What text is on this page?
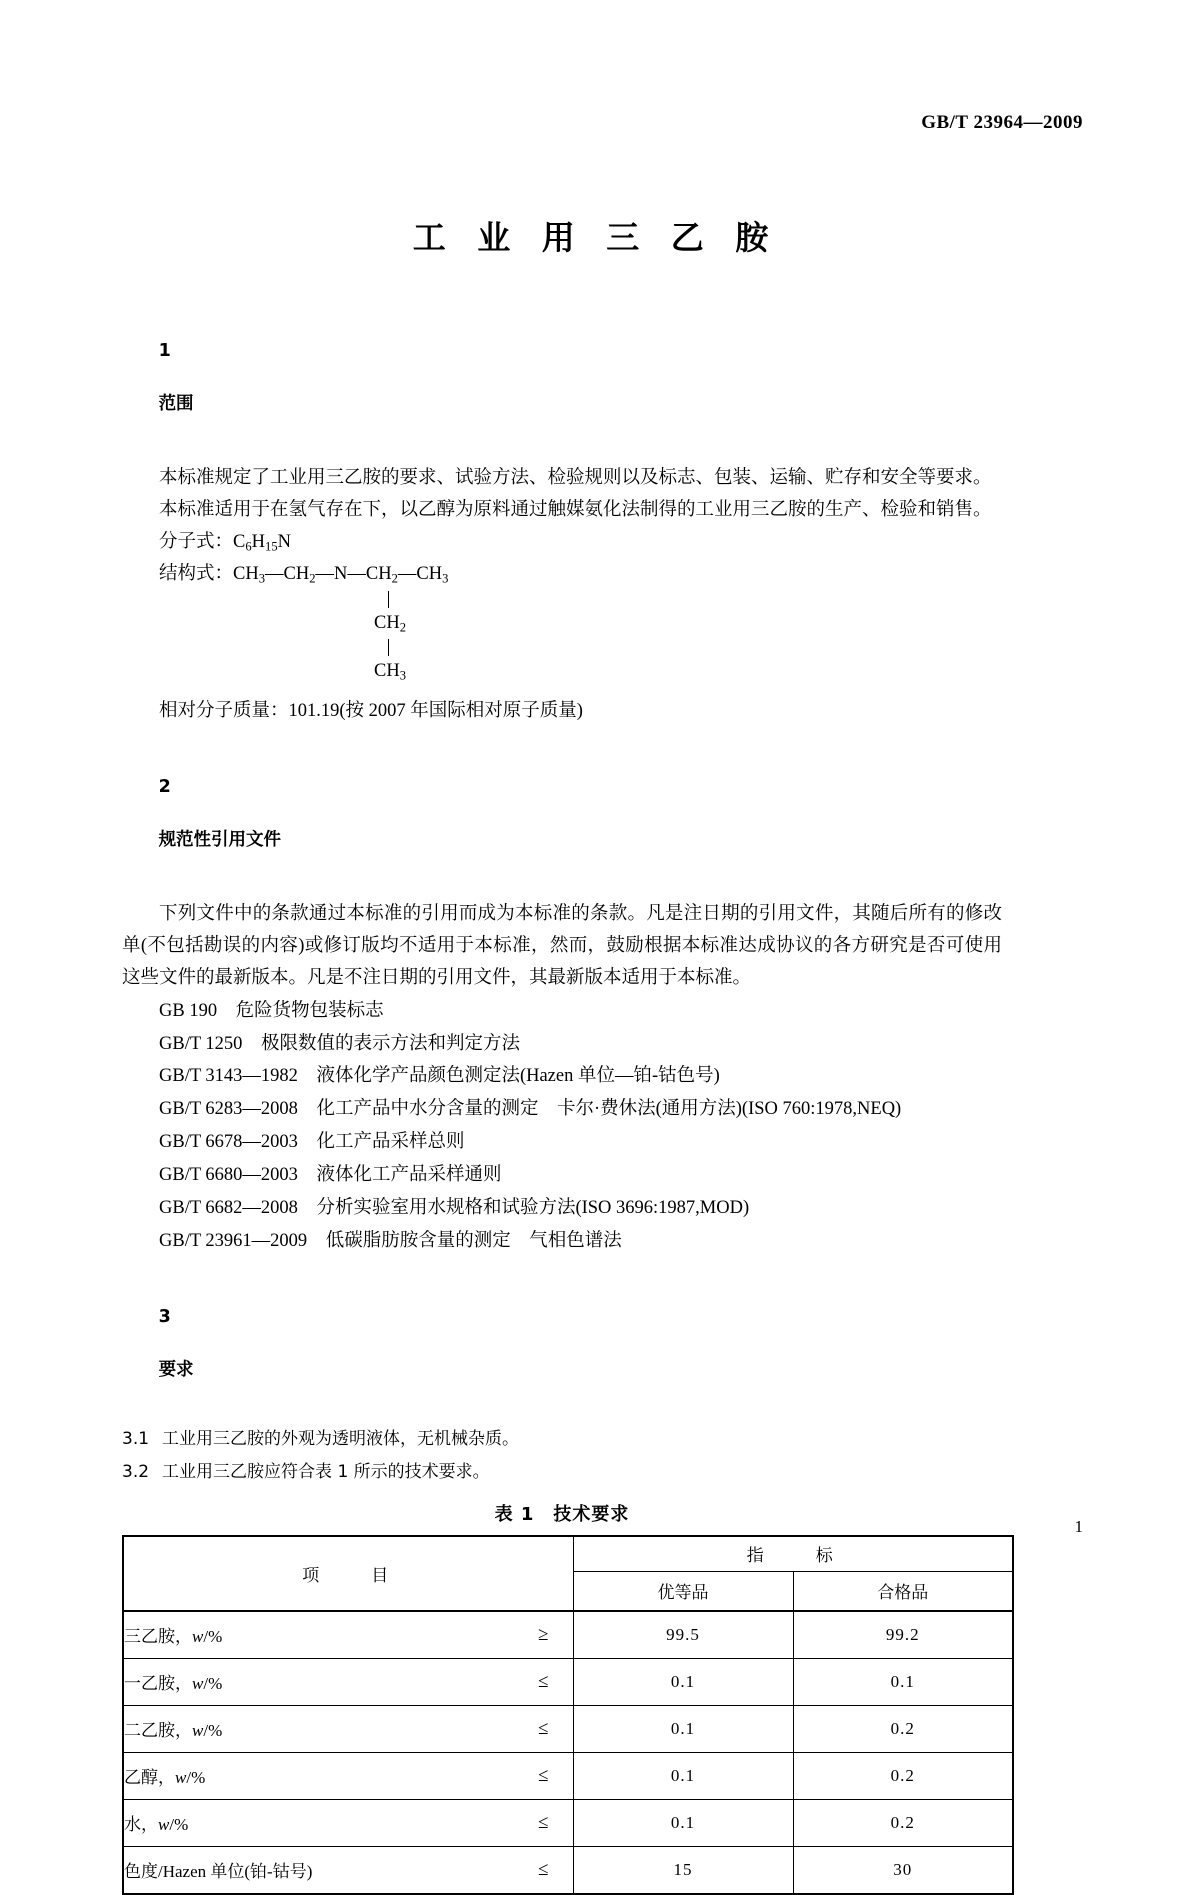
GB/T 23964—2009
工 业 用 三 乙 胺

1

范围

本标准规定了工业用三乙胺的要求、试验方法、检验规则以及标志、包装、运输、贮存和安全等要求。

本标准适用于在氢气存在下，以乙醇为原料通过触媒氨化法制得的工业用三乙胺的生产、检验和销售。

分子式：$C_6H_{15}N$
结构式：$CH_3—CH_2—N—CH_2—CH_3$
$CH_2$
$CH_3$
相对分子质量：101.19(按 2007 年国际相对原子质量)

2

规范性引用文件

下列文件中的条款通过本标准的引用而成为本标准的条款。凡是注日期的引用文件，其随后所有的修改单(不包括勘误的内容)或修订版均不适用于本标准，然而，鼓励根据本标准达成协议的各方研究是否可使用这些文件的最新版本。凡是不注日期的引用文件，其最新版本适用于本标准。

GB 190 危险货物包装标志
GB/T 1250 极限数值的表示方法和判定方法
GB/T 3143—1982 液体化学产品颜色测定法(Hazen 单位—铂-钴色号)
GB/T 6283—2008 化工产品中水分含量的测定　卡尔·费休法(通用方法)(ISO 760:1978,NEQ)
GB/T 6678—2003 化工产品采样总则
GB/T 6680—2003 液体化工产品采样通则
GB/T 6682—2008 分析实验室用水规格和试验方法(ISO 3696:1987,MOD)
GB/T 23961—2009 低碳脂肪胺含量的测定　气相色谱法

3

要求

3.1 工业用三乙胺的外观为透明液体，无机械杂质。

3.2 工业用三乙胺应符合表 1 所示的技术要求。

表 1　技术要求
项　　目	指　　标	
	优等品	合格品
三乙胺，w/% ≥	99.5	99.2
一乙胺，w/% ≤	0.1	0.1
二乙胺，w/% ≤	0.1	0.2
乙醇，w/% ≤	0.1	0.2
水，w/% ≤	0.1	0.2
色度/Hazen 单位(铂-钴号) ≤	15	30
1
